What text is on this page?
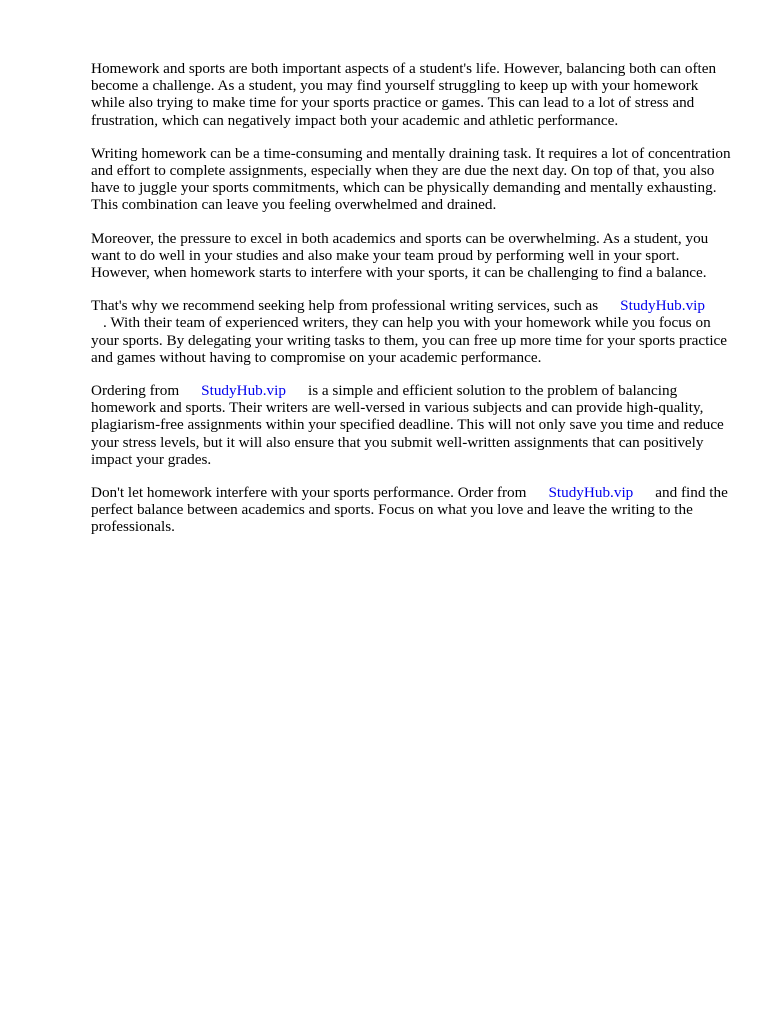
Homework and sports are both important aspects of a student's life. However, balancing both can often become a challenge. As a student, you may find yourself struggling to keep up with your homework while also trying to make time for your sports practice or games. This can lead to a lot of stress and frustration, which can negatively impact both your academic and athletic performance.

Writing homework can be a time-consuming and mentally draining task. It requires a lot of concentration and effort to complete assignments, especially when they are due the next day. On top of that, you also have to juggle your sports commitments, which can be physically demanding and mentally exhausting. This combination can leave you feeling overwhelmed and drained.

Moreover, the pressure to excel in both academics and sports can be overwhelming. As a student, you want to do well in your studies and also make your team proud by performing well in your sport. However, when homework starts to interfere with your sports, it can be challenging to find a balance.

That's why we recommend seeking help from professional writing services, such as StudyHub.vip
. With their team of experienced writers, they can help you with your homework while you focus on your sports. By delegating your writing tasks to them, you can free up more time for your sports practice and games without having to compromise on your academic performance.

Ordering from StudyHub.vip is a simple and efficient solution to the problem of balancing homework and sports. Their writers are well-versed in various subjects and can provide high-quality, plagiarism-free assignments within your specified deadline. This will not only save you time and reduce your stress levels, but it will also ensure that you submit well-written assignments that can positively impact your grades.

Don't let homework interfere with your sports performance. Order from StudyHub.vip and find the perfect balance between academics and sports. Focus on what you love and leave the writing to the professionals.
